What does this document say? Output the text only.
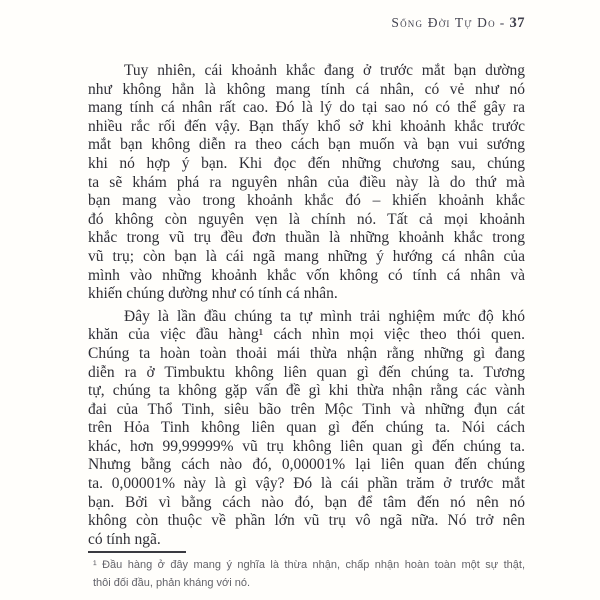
Sống Đời Tự Do - 37
Tuy nhiên, cái khoảnh khắc đang ở trước mắt bạn dường
như không hẳn là không mang tính cá nhân, có vẻ như nó
mang tính cá nhân rất cao. Đó là lý do tại sao nó có thể gây ra
nhiều rắc rối đến vậy. Bạn thấy khổ sở khi khoảnh khắc trước
mắt bạn không diễn ra theo cách bạn muốn và bạn vui sướng
khi nó hợp ý bạn. Khi đọc đến những chương sau, chúng
ta sẽ khám phá ra nguyên nhân của điều này là do thứ mà
bạn mang vào trong khoảnh khắc đó – khiến khoảnh khắc
đó không còn nguyên vẹn là chính nó. Tất cả mọi khoảnh
khắc trong vũ trụ đều đơn thuần là những khoảnh khắc trong
vũ trụ; còn bạn là cái ngã mang những ý hướng cá nhân của
mình vào những khoảnh khắc vốn không có tính cá nhân và
khiến chúng dường như có tính cá nhân.
Đây là lần đầu chúng ta tự mình trải nghiệm mức độ khó
khăn của việc đầu hàng¹ cách nhìn mọi việc theo thói quen.
Chúng ta hoàn toàn thoải mái thừa nhận rằng những gì đang
diễn ra ở Timbuktu không liên quan gì đến chúng ta. Tương
tự, chúng ta không gặp vấn đề gì khi thừa nhận rằng các vành
đai của Thổ Tinh, siêu bão trên Mộc Tinh và những đụn cát
trên Hỏa Tinh không liên quan gì đến chúng ta. Nói cách
khác, hơn 99,99999% vũ trụ không liên quan gì đến chúng ta.
Nhưng bằng cách nào đó, 0,00001% lại liên quan đến chúng
ta. 0,00001% này là gì vậy? Đó là cái phần trăm ở trước mắt
bạn. Bởi vì bằng cách nào đó, bạn để tâm đến nó nên nó
không còn thuộc về phần lớn vũ trụ vô ngã nữa. Nó trở nên
có tính ngã.
¹ Đầu hàng ở đây mang ý nghĩa là thừa nhận, chấp nhận hoàn toàn một sự thật,
thôi đối đầu, phản kháng với nó.
